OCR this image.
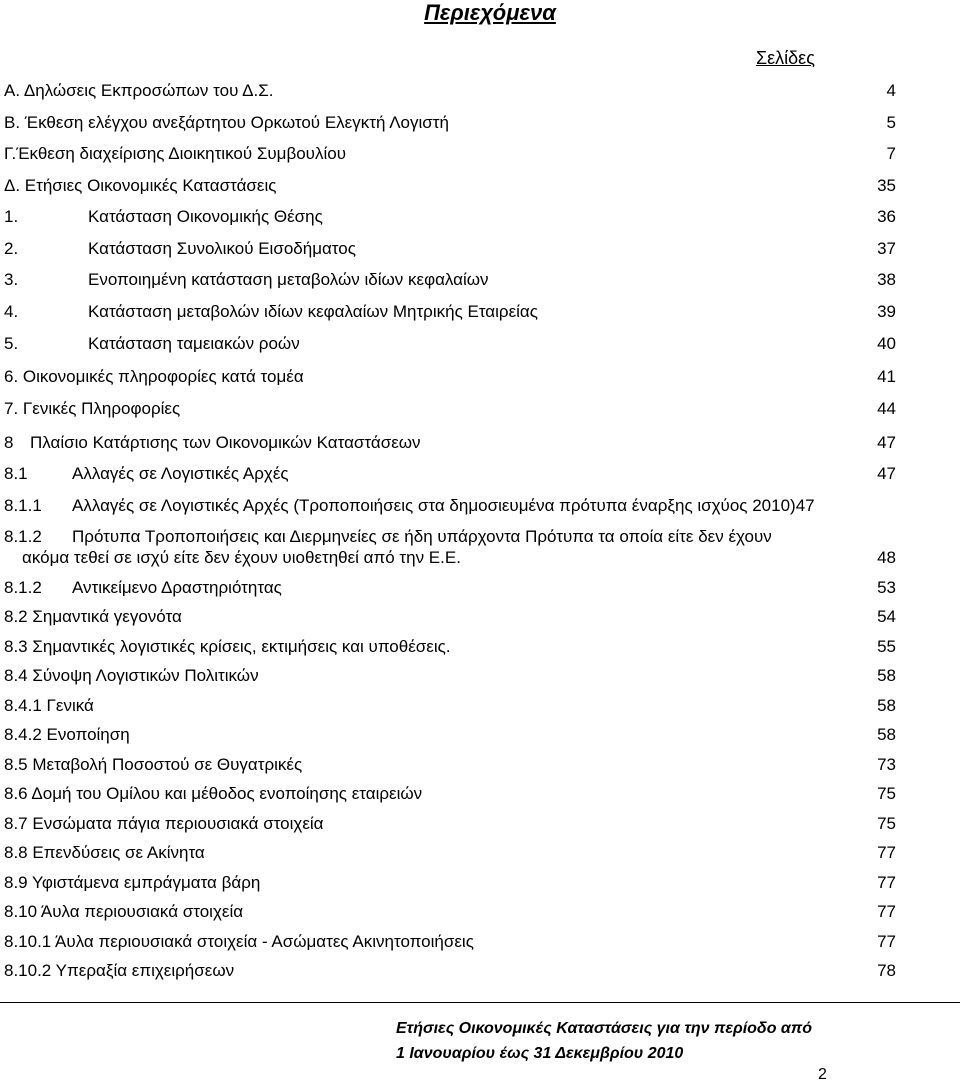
Περιεχόμενα
Σελίδες
Α. Δηλώσεις Εκπροσώπων του Δ.Σ.	4
Β. Έκθεση ελέγχου ανεξάρτητου Ορκωτού Ελεγκτή Λογιστή	5
Γ.Έκθεση διαχείρισης Διοικητικού Συμβουλίου	7
Δ. Ετήσιες Οικονομικές Καταστάσεις	35
1.	Κατάσταση Οικονομικής Θέσης	36
2.	Κατάσταση Συνολικού Εισοδήματος	37
3.	Ενοποιημένη κατάσταση μεταβολών ιδίων κεφαλαίων	38
4.	Κατάσταση μεταβολών ιδίων κεφαλαίων Μητρικής Εταιρείας	39
5.	Κατάσταση ταμειακών ροών	40
6. Οικονομικές πληροφορίες κατά τομέα	41
7. Γενικές Πληροφορίες	44
8 Πλαίσιο Κατάρτισης των Οικονομικών Καταστάσεων	47
8.1	Αλλαγές σε Λογιστικές Αρχές	47
8.1.1 Αλλαγές σε Λογιστικές Αρχές (Τροποποιήσεις στα δημοσιευμένα πρότυπα έναρξης ισχύος 2010)47
8.1.2 Πρότυπα Τροποποιήσεις και Διερμηνείες σε ήδη υπάρχοντα Πρότυπα τα οποία είτε δεν έχουν
ακόμα τεθεί σε ισχύ είτε δεν έχουν υιοθετηθεί από την Ε.Ε.	48
8.1.2 Αντικείμενο Δραστηριότητας	53
8.2 Σημαντικά γεγονότα	54
8.3 Σημαντικές λογιστικές κρίσεις, εκτιμήσεις και υποθέσεις.	55
8.4 Σύνοψη Λογιστικών Πολιτικών	58
8.4.1 Γενικά	58
8.4.2 Ενοποίηση	58
8.5 Μεταβολή Ποσοστού σε Θυγατρικές	73
8.6 Δομή του Ομίλου και μέθοδος ενοποίησης εταιρειών	75
8.7 Ενσώματα πάγια περιουσιακά στοιχεία	75
8.8 Επενδύσεις σε Ακίνητα	77
8.9 Υφιστάμενα εμπράγματα βάρη	77
8.10 Άυλα περιουσιακά στοιχεία	77
8.10.1 Άυλα περιουσιακά στοιχεία - Ασώματες Ακινητοποιήσεις	77
8.10.2 Υπεραξία επιχειρήσεων	78
Ετήσιες Οικονομικές Καταστάσεις για την περίοδο από
1 Ιανουαρίου έως 31 Δεκεμβρίου 2010
2
